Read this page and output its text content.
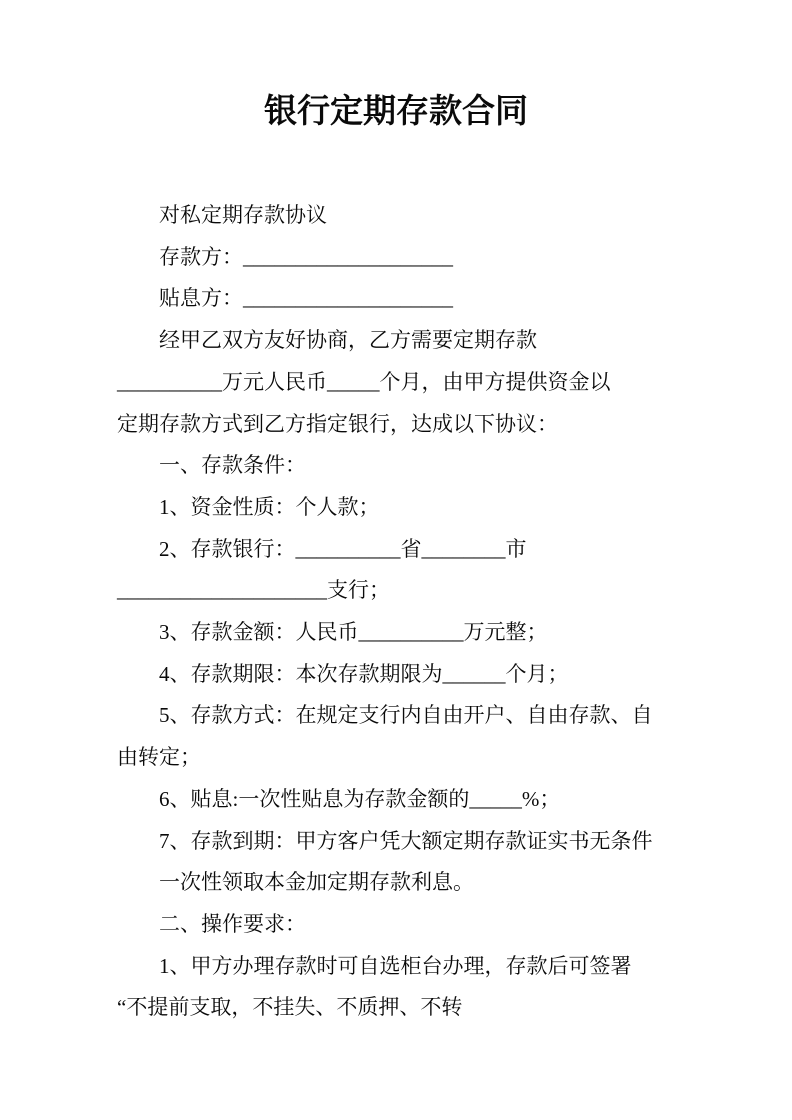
银行定期存款合同
对私定期存款协议
存款方：____________________
贴息方：____________________
经甲乙双方友好协商，乙方需要定期存款
__________万元人民币_____个月，由甲方提供资金以
定期存款方式到乙方指定银行，达成以下协议：
一、存款条件：
1、资金性质：个人款；
2、存款银行：__________省________市
____________________支行；
3、存款金额：人民币__________万元整；
4、存款期限：本次存款期限为______个月；
5、存款方式：在规定支行内自由开户、自由存款、自
由转定；
6、贴息:一次性贴息为存款金额的_____%；
7、存款到期：甲方客户凭大额定期存款证实书无条件
一次性领取本金加定期存款利息。
二、操作要求：
1、甲方办理存款时可自选柜台办理，存款后可签署
“不提前支取，不挂失、不质押、不转
